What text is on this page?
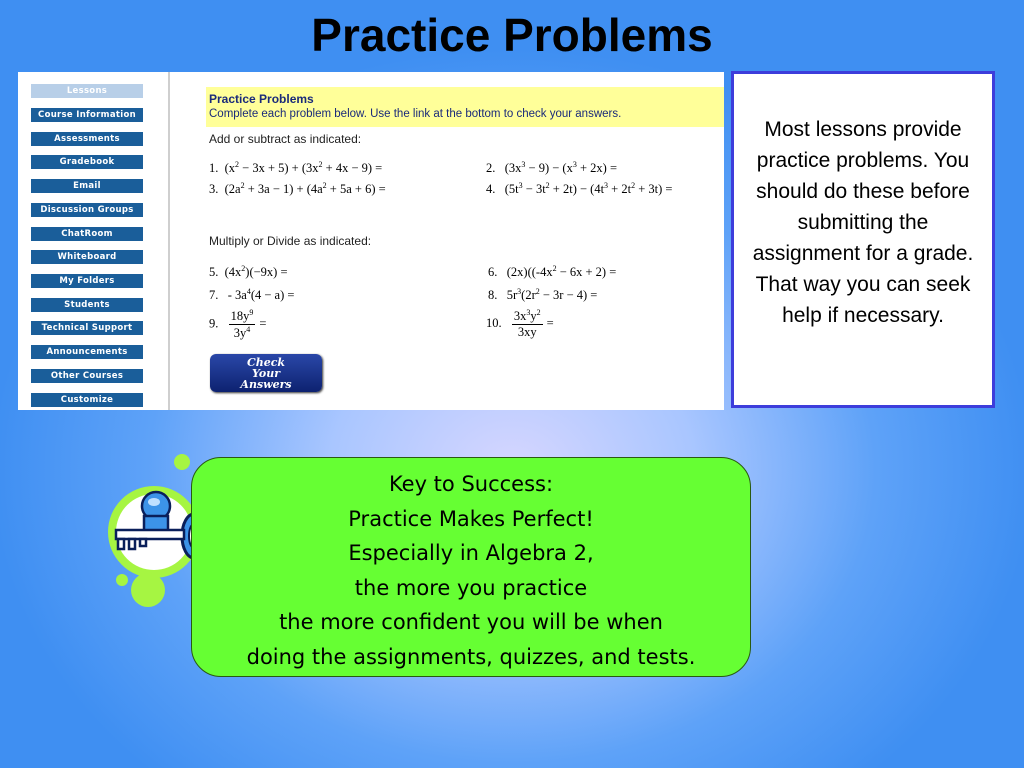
Practice Problems
Lessons
Course Information
Assessments
Gradebook
Email
Discussion Groups
ChatRoom
Whiteboard
My Folders
Students
Technical Support
Announcements
Other Courses
Customize
Practice Problems
Complete each problem below. Use the link at the bottom to check your answers.
Add or subtract as indicated:
1.  $(x^2 - 3x + 5) + (3x^2 + 4x - 9)$ =	2.   $(3x^3 - 9) - (x^3 + 2x)$ =
3.  $(2a^2 + 3a - 1) + (4a^2 + 5a + 6)$ =	4.   $(5t^3 - 3t^2 + 2t) - (4t^3 + 2t^2 + 3t)$ =
Multiply or Divide as indicated:
5.  $(4x^2)(-9x)$ =	6.   $(2x)((-4x^2 - 6x + 2)$ =
7.   - $3a^4(4 - a)$ =	8.   $5r^3(2r^2 - 3r - 4)$ =
9. $\frac{18y^9}{3y^4}$ =	10. $\frac{3x^3y^2}{3xy}$ =
Check
Your
Answers
Most lessons provide practice problems. You should do these before submitting the assignment for a grade. That way you can seek help if necessary.
Key to Success:
Practice Makes Perfect!
Especially in Algebra 2,
the more you practice
the more confident you will be when
doing the assignments, quizzes, and tests.
